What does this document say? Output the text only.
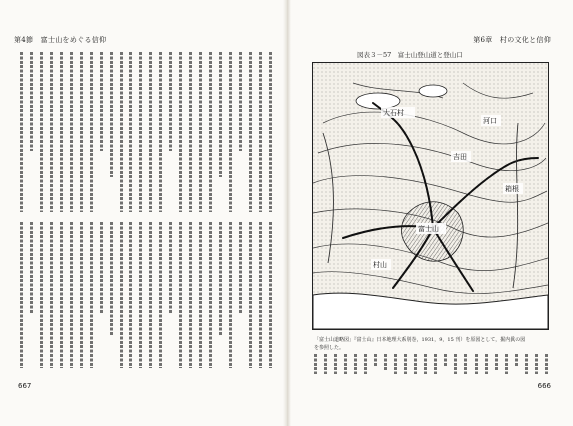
第4節　富士山をめぐる信仰
667
第6章　村の文化と信仰
666
図表３－57　富士山登山道と登山口
大石村
吉田
河口
富士山
村山
箱根
「富士山道略図」『富士山』日本地理大系別巻，1931，9，15 刊）を原図として，掘内眞の図
を参照した。
